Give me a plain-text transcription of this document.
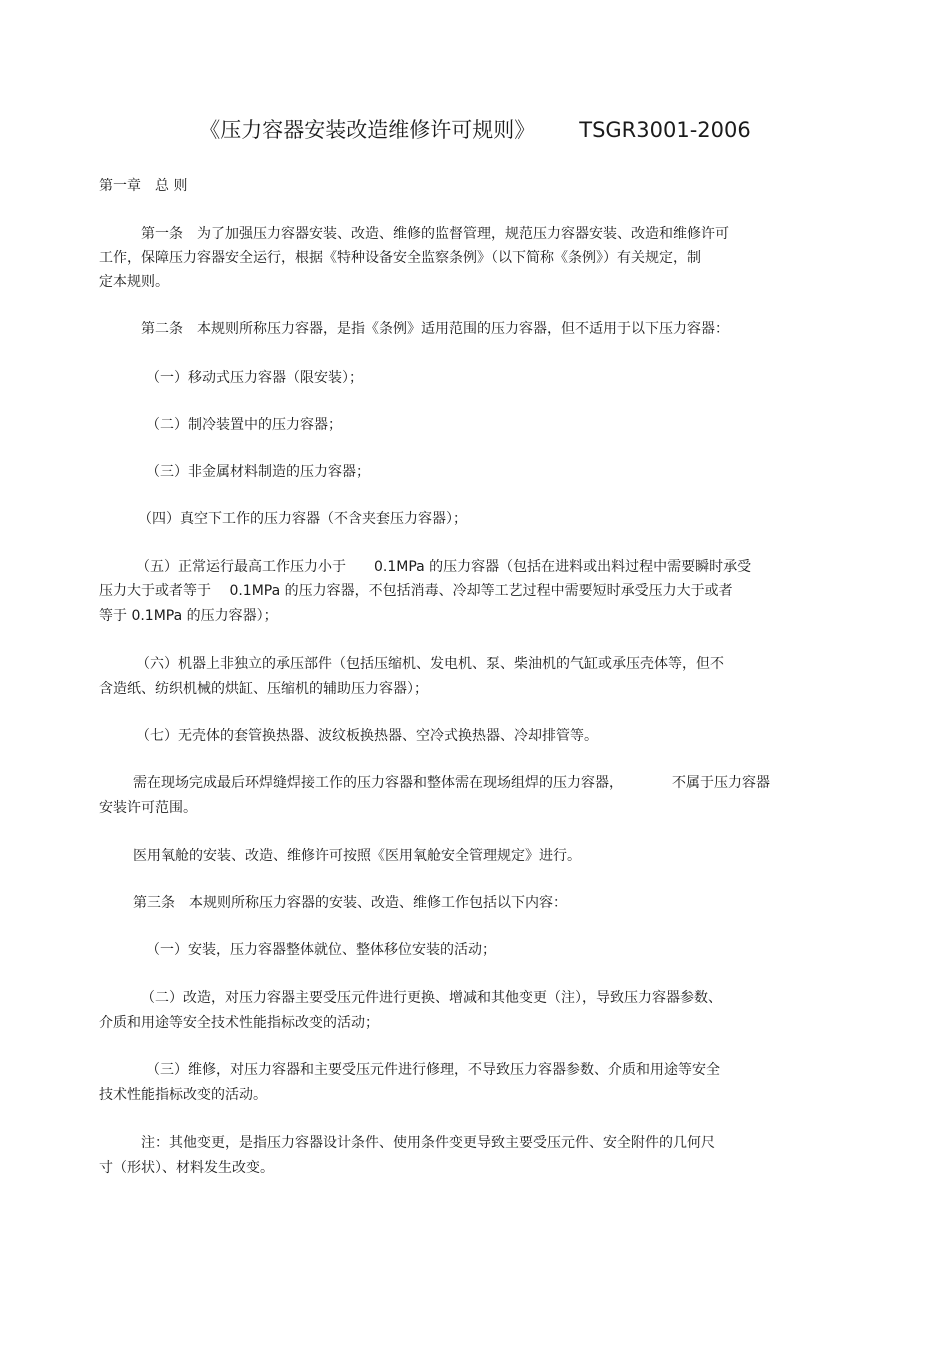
《压力容器安装改造维修许可规则》 TSGR3001-2006
第一章　总 则
第一条　为了加强压力容器安装、改造、维修的监督管理，规范压力容器安装、改造和维修许可
工作，保障压力容器安全运行，根据《特种设备安全监察条例》（以下简称《条例》）有关规定，制
定本规则。
第二条　本规则所称压力容器，是指《条例》适用范围的压力容器，但不适用于以下压力容器：
（一）移动式压力容器（限安装）；
（二）制冷装置中的压力容器；
（三）非金属材料制造的压力容器；
（四）真空下工作的压力容器（不含夹套压力容器）；
（五）正常运行最高工作压力小于　　0.1MPa 的压力容器（包括在进料或出料过程中需要瞬时承受
压力大于或者等于　 0.1MPa 的压力容器，不包括消毒、冷却等工艺过程中需要短时承受压力大于或者
等于 0.1MPa 的压力容器）；
（六）机器上非独立的承压部件（包括压缩机、发电机、泵、柴油机的气缸或承压壳体等，但不
含造纸、纺织机械的烘缸、压缩机的辅助压力容器）；
（七）无壳体的套管换热器、波纹板换热器、空冷式换热器、冷却排管等。
需在现场完成最后环焊缝焊接工作的压力容器和整体需在现场组焊的压力容器，　　　　不属于压力容器
安装许可范围。
医用氧舱的安装、改造、维修许可按照《医用氧舱安全管理规定》进行。
第三条　本规则所称压力容器的安装、改造、维修工作包括以下内容：
（一）安装，压力容器整体就位、整体移位安装的活动；
（二）改造，对压力容器主要受压元件进行更换、增减和其他变更（注），导致压力容器参数、
介质和用途等安全技术性能指标改变的活动；
（三）维修，对压力容器和主要受压元件进行修理，不导致压力容器参数、介质和用途等安全
技术性能指标改变的活动。
注：其他变更，是指压力容器设计条件、使用条件变更导致主要受压元件、安全附件的几何尺
寸（形状）、材料发生改变。
